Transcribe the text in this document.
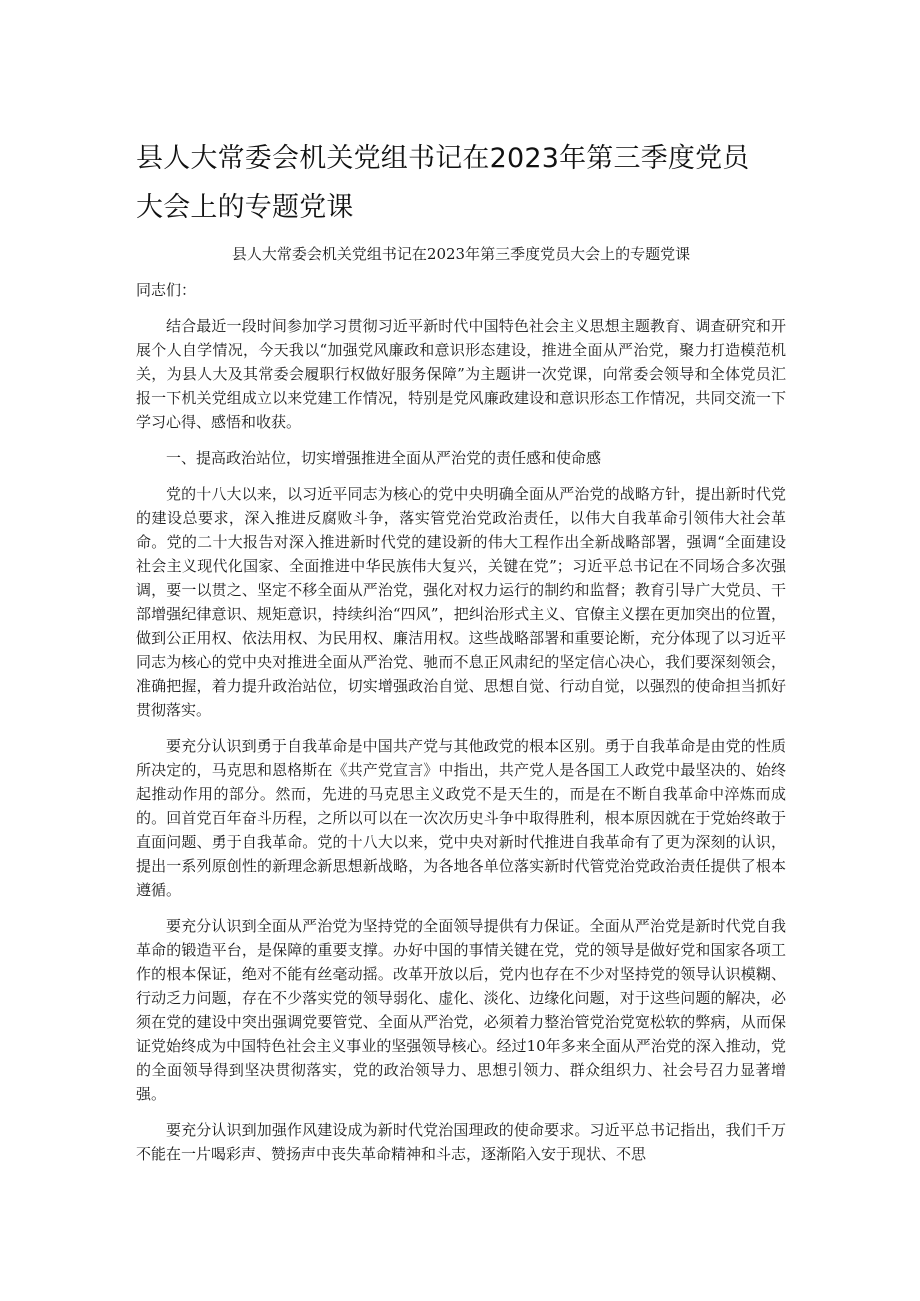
县人大常委会机关党组书记在2023年第三季度党员大会上的专题党课

县人大常委会机关党组书记在2023年第三季度党员大会上的专题党课

同志们：

结合最近一段时间参加学习贯彻习近平新时代中国特色社会主义思想主题教育、调查研究和开展个人自学情况，今天我以“加强党风廉政和意识形态建设，推进全面从严治党，聚力打造模范机关，为县人大及其常委会履职行权做好服务保障”为主题讲一次党课，向常委会领导和全体党员汇报一下机关党组成立以来党建工作情况，特别是党风廉政建设和意识形态工作情况，共同交流一下学习心得、感悟和收获。

一、提高政治站位，切实增强推进全面从严治党的责任感和使命感

党的十八大以来，以习近平同志为核心的党中央明确全面从严治党的战略方针，提出新时代党的建设总要求，深入推进反腐败斗争，落实管党治党政治责任，以伟大自我革命引领伟大社会革命。党的二十大报告对深入推进新时代党的建设新的伟大工程作出全新战略部署，强调“全面建设社会主义现代化国家、全面推进中华民族伟大复兴，关键在党”；习近平总书记在不同场合多次强调，要一以贯之、坚定不移全面从严治党，强化对权力运行的制约和监督；教育引导广大党员、干部增强纪律意识、规矩意识，持续纠治“四风”，把纠治形式主义、官僚主义摆在更加突出的位置，做到公正用权、依法用权、为民用权、廉洁用权。这些战略部署和重要论断，充分体现了以习近平同志为核心的党中央对推进全面从严治党、驰而不息正风肃纪的坚定信心决心，我们要深刻领会，准确把握，着力提升政治站位，切实增强政治自觉、思想自觉、行动自觉，以强烈的使命担当抓好贯彻落实。

要充分认识到勇于自我革命是中国共产党与其他政党的根本区别。勇于自我革命是由党的性质所决定的，马克思和恩格斯在《共产党宣言》中指出，共产党人是各国工人政党中最坚决的、始终起推动作用的部分。然而，先进的马克思主义政党不是天生的，而是在不断自我革命中淬炼而成的。回首党百年奋斗历程，之所以可以在一次次历史斗争中取得胜利，根本原因就在于党始终敢于直面问题、勇于自我革命。党的十八大以来，党中央对新时代推进自我革命有了更为深刻的认识，提出一系列原创性的新理念新思想新战略，为各地各单位落实新时代管党治党政治责任提供了根本遵循。

要充分认识到全面从严治党为坚持党的全面领导提供有力保证。全面从严治党是新时代党自我革命的锻造平台，是保障的重要支撑。办好中国的事情关键在党，党的领导是做好党和国家各项工作的根本保证，绝对不能有丝毫动摇。改革开放以后，党内也存在不少对坚持党的领导认识模糊、行动乏力问题，存在不少落实党的领导弱化、虚化、淡化、边缘化问题，对于这些问题的解决，必须在党的建设中突出强调党要管党、全面从严治党，必须着力整治管党治党宽松软的弊病，从而保证党始终成为中国特色社会主义事业的坚强领导核心。经过10年多来全面从严治党的深入推动，党的全面领导得到坚决贯彻落实，党的政治领导力、思想引领力、群众组织力、社会号召力显著增强。

要充分认识到加强作风建设成为新时代党治国理政的使命要求。习近平总书记指出，我们千万不能在一片喝彩声、赞扬声中丧失革命精神和斗志，逐渐陷入安于现状、不思
